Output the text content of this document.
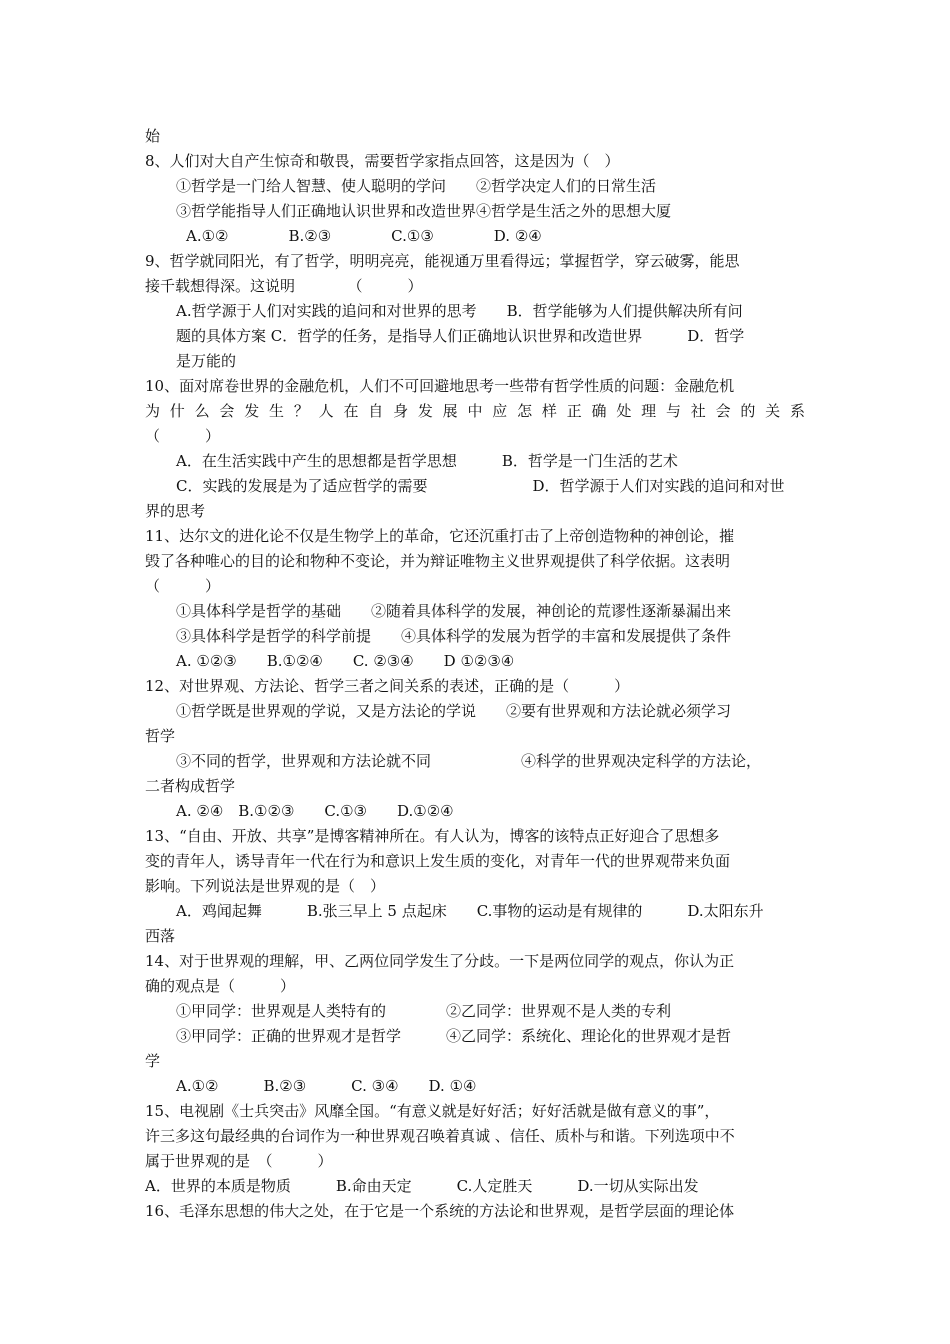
始
8、人们对大自产生惊奇和敬畏，需要哲学家指点回答，这是因为（　）
①哲学是一门给人智慧、使人聪明的学问　　②哲学决定人们的日常生活
③哲学能指导人们正确地认识世界和改造世界④哲学是生活之外的思想大厦
A.①②　　　　B.②③　　　　C.①③　　　　D. ②④
9、哲学就同阳光，有了哲学，明明亮亮，能视通万里看得远；掌握哲学，穿云破雾，能思
接千载想得深。这说明　　　　（　　　）
A.哲学源于人们对实践的追问和对世界的思考　　B．哲学能够为人们提供解决所有问
题的具体方案 C．哲学的任务，是指导人们正确地认识世界和改造世界　　　D．哲学
是万能的
10、面对席卷世界的金融危机，人们不可回避地思考一些带有哲学性质的问题：金融危机
为什么会发生？人在自身发展中应怎样正确处理与社会的关系
（　　　）
A．在生活实践中产生的思想都是哲学思想　　　B．哲学是一门生活的艺术
C．实践的发展是为了适应哲学的需要　　　　　　　D．哲学源于人们对实践的追问和对世
界的思考
11、达尔文的进化论不仅是生物学上的革命，它还沉重打击了上帝创造物种的神创论，摧
毁了各种唯心的目的论和物种不变论，并为辩证唯物主义世界观提供了科学依据。这表明
（　　　）
①具体科学是哲学的基础　　②随着具体科学的发展，神创论的荒谬性逐渐暴漏出来
③具体科学是哲学的科学前提　　④具体科学的发展为哲学的丰富和发展提供了条件
A. ①②③　　B.①②④　　C. ②③④　　D ①②③④
12、对世界观、方法论、哲学三者之间关系的表述，正确的是（　　　）
①哲学既是世界观的学说，又是方法论的学说　　②要有世界观和方法论就必须学习
哲学
③不同的哲学，世界观和方法论就不同　　　　　　④科学的世界观决定科学的方法论，
二者构成哲学
A. ②④　B.①②③　　C.①③　　D.①②④
13、“自由、开放、共享”是博客精神所在。有人认为，博客的该特点正好迎合了思想多
变的青年人，诱导青年一代在行为和意识上发生质的变化，对青年一代的世界观带来负面
影响。下列说法是世界观的是（　）
A．鸡闻起舞　　　B.张三早上 5 点起床　　C.事物的运动是有规律的　　　D.太阳东升
西落
14、对于世界观的理解，甲、乙两位同学发生了分歧。一下是两位同学的观点，你认为正
确的观点是（　　　）
①甲同学：世界观是人类特有的　　　　②乙同学：世界观不是人类的专利
③甲同学：正确的世界观才是哲学　　　④乙同学：系统化、理论化的世界观才是哲
学
A.①②　　　B.②③　　　C. ③④　　D. ①④
15、电视剧《士兵突击》风靡全国。“有意义就是好好活；好好活就是做有意义的事”，
许三多这句最经典的台词作为一种世界观召唤着真诚 、信任、质朴与和谐。下列选项中不
属于世界观的是　（　　　）
A．世界的本质是物质　　　B.命由天定　　　C.人定胜天　　　D.一切从实际出发
16、毛泽东思想的伟大之处，在于它是一个系统的方法论和世界观，是哲学层面的理论体
